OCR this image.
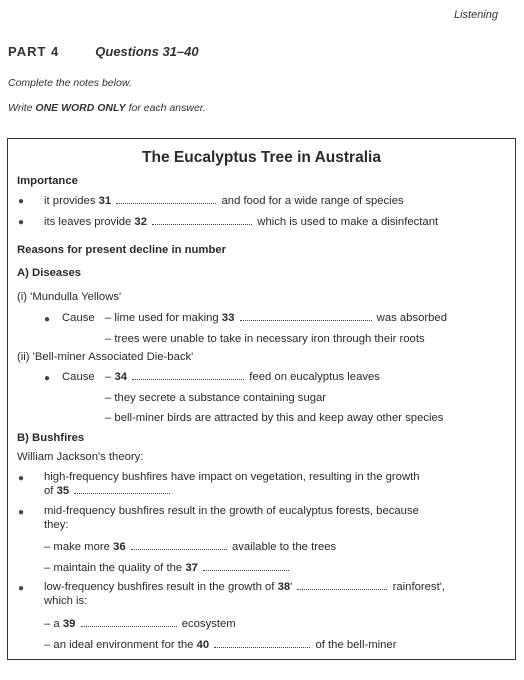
Listening
PART 4	Questions 31–40
Complete the notes below.
Write ONE WORD ONLY for each answer.
The Eucalyptus Tree in Australia
Importance
● it provides 31	and food for a wide range of species
● its leaves provide 32	which is used to make a disinfectant
Reasons for present decline in number
A) Diseases
(i) 'Mundulla Yellows'
● Cause – lime used for making 33	was absorbed
– trees were unable to take in necessary iron through their roots
(ii) 'Bell-miner Associated Die-back'
● Cause – 34	feed on eucalyptus leaves
– they secrete a substance containing sugar
– bell-miner birds are attracted by this and keep away other species
B) Bushfires
William Jackson's theory:
● high-frequency bushfires have impact on vegetation, resulting in the growth
of 35
● mid-frequency bushfires result in the growth of eucalyptus forests, because
they:
– make more 36	available to the trees
– maintain the quality of the 37
● low-frequency bushfires result in the growth of 38'	rainforest',
which is:
– a 39	ecosystem
– an ideal environment for the 40	of the bell-miner
